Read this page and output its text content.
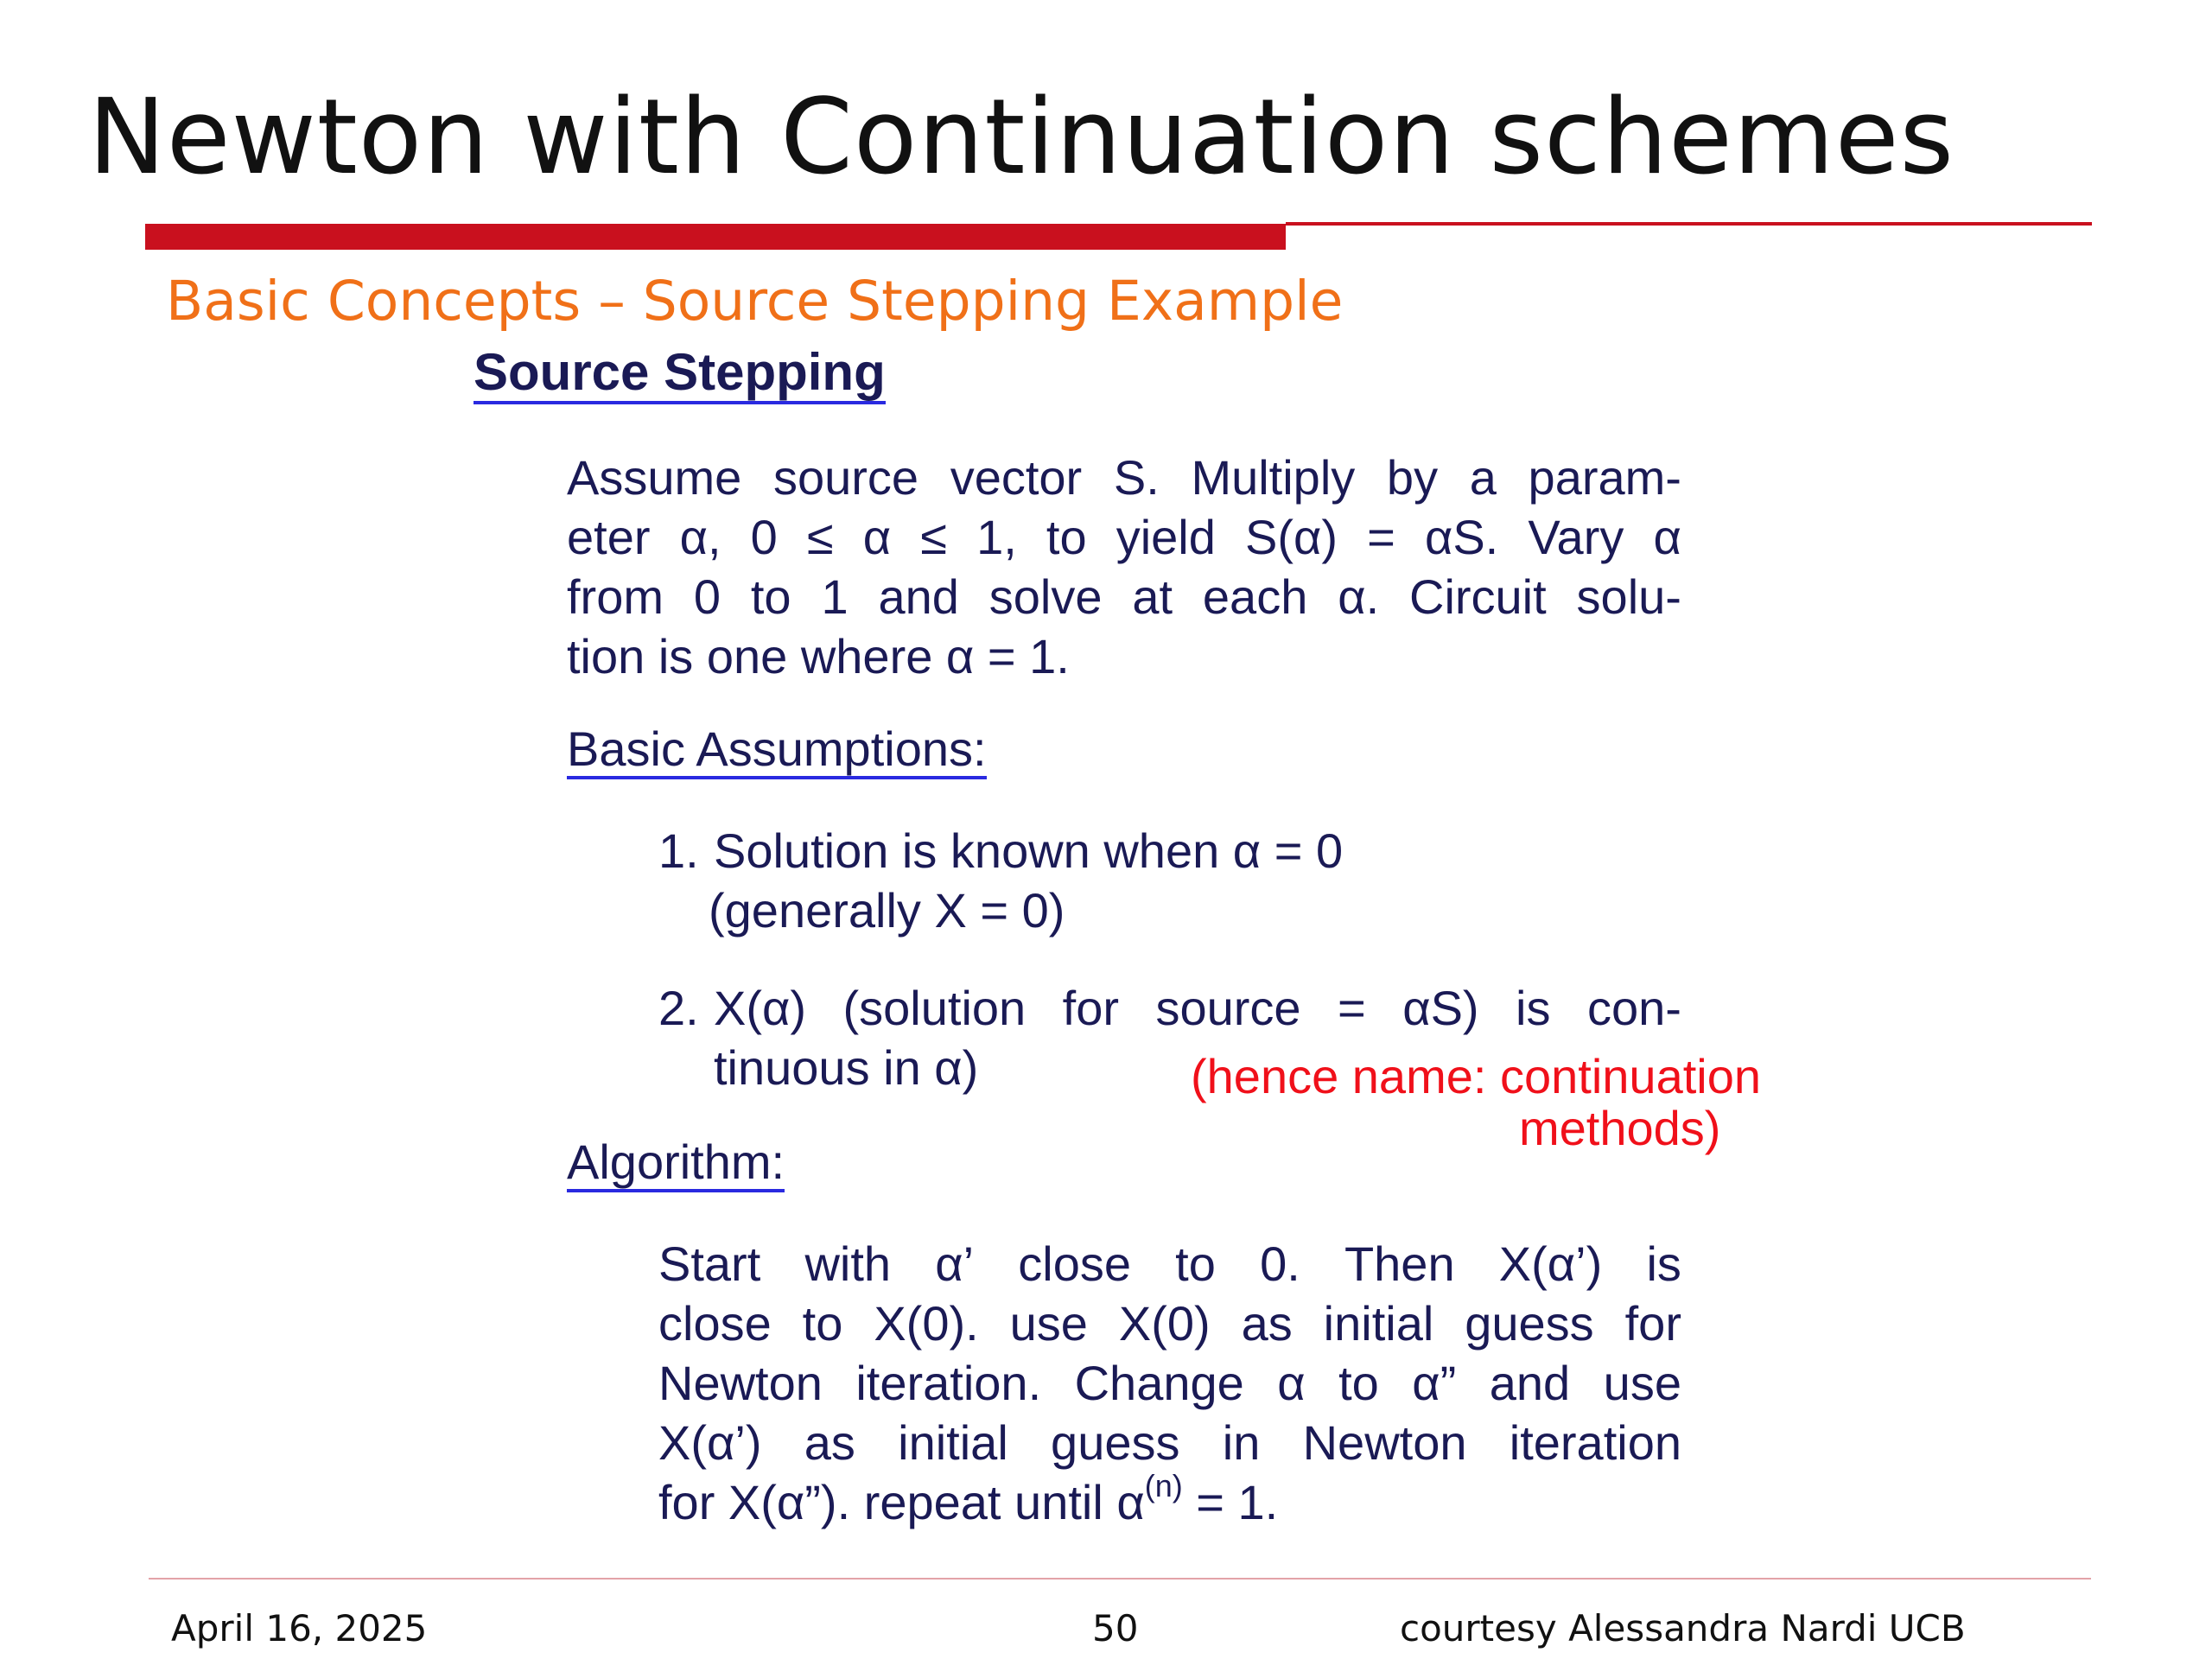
Newton with Continuation schemes
Basic Concepts – Source Stepping Example
Source Stepping
Assume source vector S. Multiply by a param-
eter α, 0 ≤ α ≤ 1, to yield S(α) = αS. Vary α
from 0 to 1 and solve at each α. Circuit solu-
tion is one where α = 1.
Basic Assumptions:
1. Solution is known when α = 0
(generally X = 0)
2. X(α) (solution for source = αS) is con-
tinuous in α)	(hence name: continuation
methods)
Algorithm:
Start with α’ close to 0. Then X(α’) is
close to X(0). use X(0) as initial guess for
Newton iteration. Change α to α” and use
X(α’) as initial guess in Newton iteration
for X(α”). repeat until $\alpha^{(n)} = 1$.
April 16, 2025	50	courtesy Alessandra Nardi UCB
